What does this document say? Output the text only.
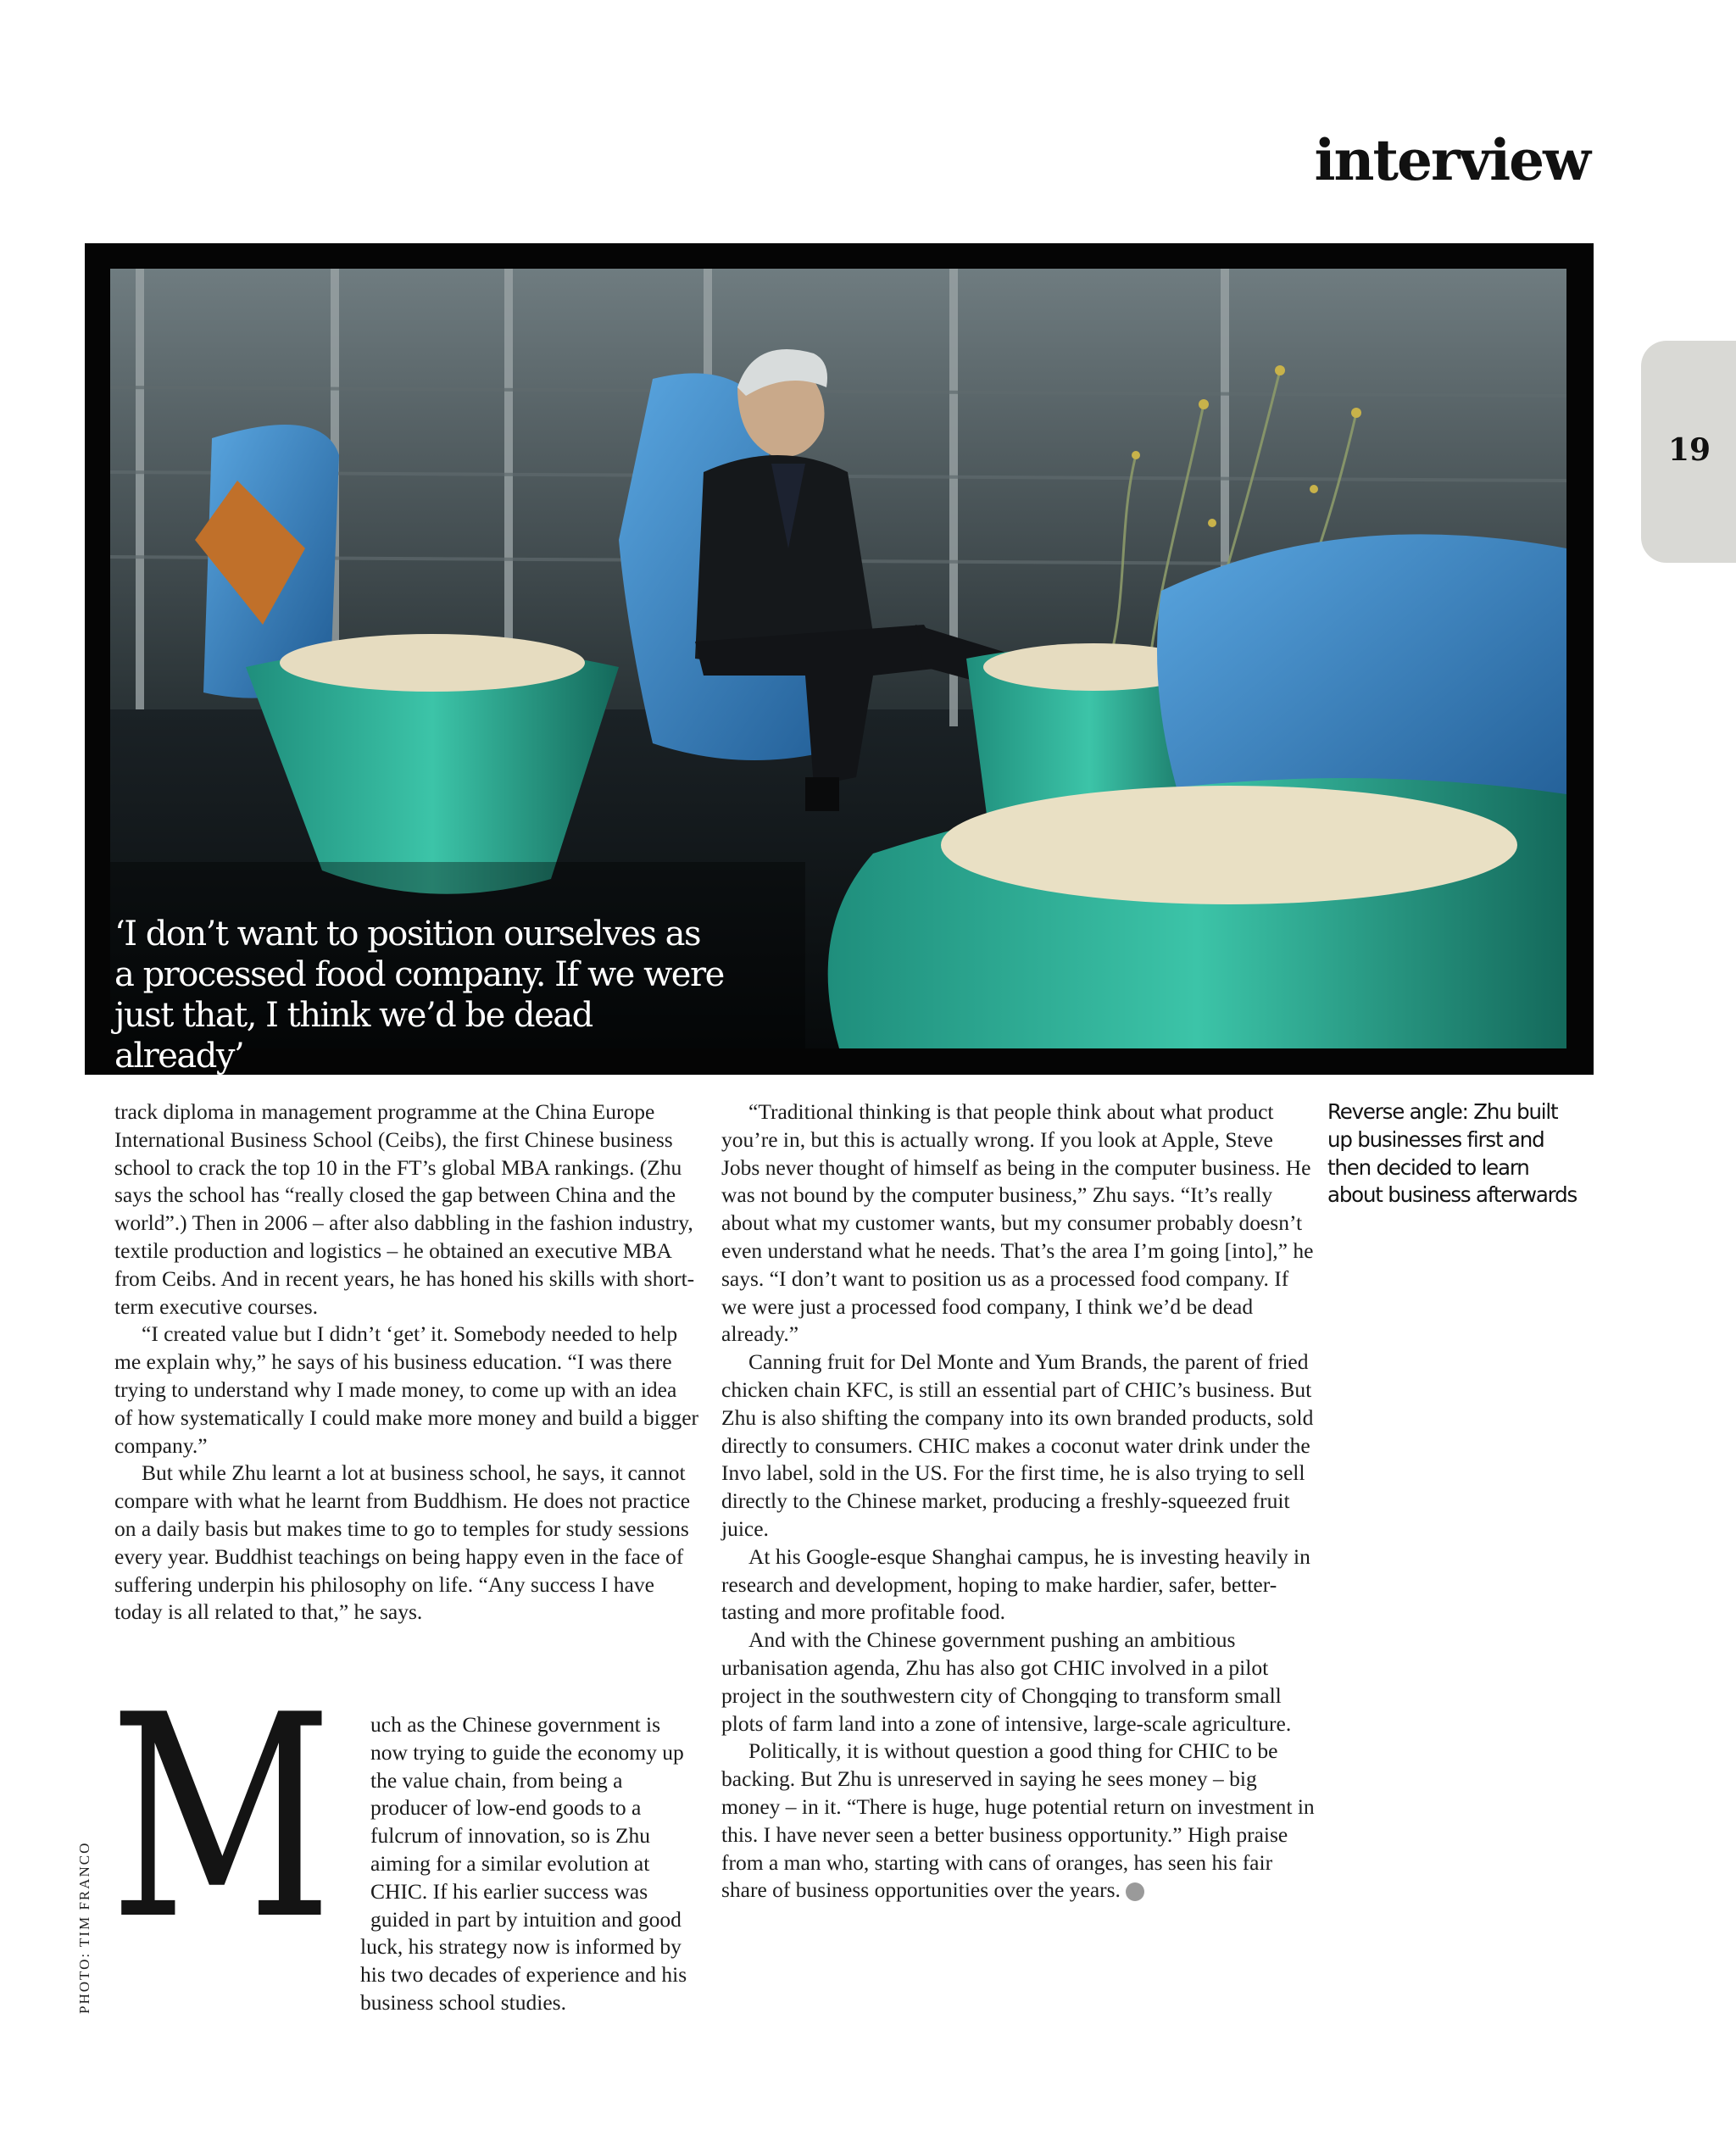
interview
19
‘I don’t want to position ourselves as a processed food company. If we were just that, I think we’d be dead already’

track diploma in management programme at the China Europe International Business School (Ceibs), the first Chinese business school to crack the top 10 in the FT’s global MBA rankings. (Zhu says the school has “really closed the gap between China and the world”.) Then in 2006 – after also dabbling in the fashion industry, textile production and logistics – he obtained an executive MBA from Ceibs. And in recent years, he has honed his skills with short-term executive courses.

“I created value but I didn’t ‘get’ it. Somebody needed to help me explain why,” he says of his business education. “I was there trying to understand why I made money, to come up with an idea of how systematically I could make more money and build a bigger company.”

But while Zhu learnt a lot at business school, he says, it cannot compare with what he learnt from Buddhism. He does not practice on a daily basis but makes time to go to temples for study sessions every year. Buddhist teachings on being happy even in the face of suffering underpin his philosophy on life. “Any success I have today is all related to that,” he says.

M	uch as the Chinese government is now trying to guide the economy up the value chain, from being a producer of low-end goods to a fulcrum of innovation, so is Zhu aiming for a similar evolution at CHIC. If his earlier success was guided in part by intuition and good luck, his strategy now is informed by his two decades of experience and his business school studies.

“Traditional thinking is that people think about what product you’re in, but this is actually wrong. If you look at Apple, Steve Jobs never thought of himself as being in the computer business. He was not bound by the computer business,” Zhu says. “It’s really about what my customer wants, but my consumer probably doesn’t even understand what he needs. That’s the area I’m going [into],” he says. “I don’t want to position us as a processed food company. If we were just a processed food company, I think we’d be dead already.”

Canning fruit for Del Monte and Yum Brands, the parent of fried chicken chain KFC, is still an essential part of CHIC’s business. But Zhu is also shifting the company into its own branded products, sold directly to consumers. CHIC makes a coconut water drink under the Invo label, sold in the US. For the first time, he is also trying to sell directly to the Chinese market, producing a freshly-squeezed fruit juice.

At his Google-esque Shanghai campus, he is investing heavily in research and development, hoping to make hardier, safer, better-tasting and more profitable food.

And with the Chinese government pushing an ambitious urbanisation agenda, Zhu has also got CHIC involved in a pilot project in the southwestern city of Chongqing to transform small plots of farm land into a zone of intensive, large-scale agriculture.

Politically, it is without question a good thing for CHIC to be backing. But Zhu is unreserved in saying he sees money – big money – in it. “There is huge, huge potential return on investment in this. I have never seen a better business opportunity.” High praise from a man who, starting with cans of oranges, has seen his fair share of business opportunities over the years.	B

Reverse angle: Zhu built up businesses first and then decided to learn about business afterwards
PHOTO: TIM FRANCO
